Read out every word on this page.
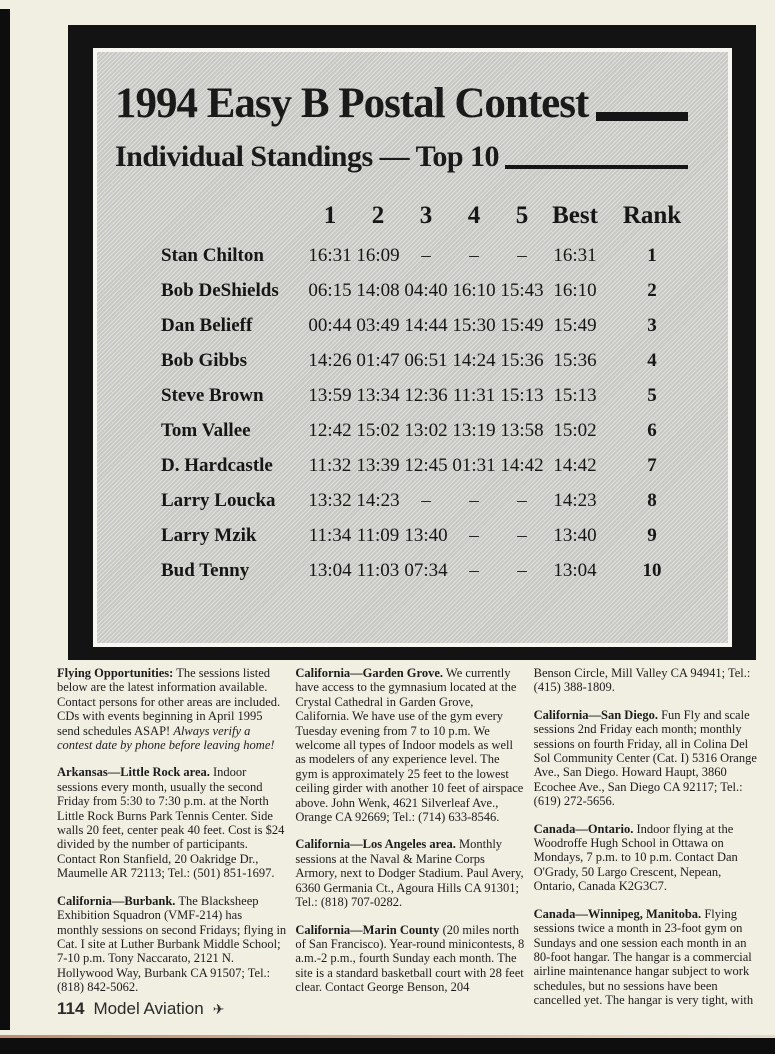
1994 Easy B Postal Contest
Individual Standings — Top 10
1	2	3	4	5 Best Rank
Stan Chilton	16:31 16:09	–	–	–	16:31	1
Bob DeShields	06:15 14:08 04:40 16:10 15:43 16:10	2
Dan Belieff	00:44 03:49 14:44 15:30 15:49 15:49	3
Bob Gibbs	14:26 01:47 06:51 14:24 15:36 15:36	4
Steve Brown	13:59 13:34 12:36 11:31 15:13 15:13	5
Tom Vallee	12:42 15:02 13:02 13:19 13:58 15:02	6
D. Hardcastle	11:32 13:39 12:45 01:31 14:42 14:42	7
Larry Loucka	13:32 14:23	–	–	–	14:23	8
Larry Mzik	11:34 11:09 13:40	–	–	13:40	9
Bud Tenny	13:04 11:03 07:34	–	–	13:04	10

Flying Opportunities: The sessions listed below are the latest information available. Contact persons for other areas are included. CDs with events beginning in April 1995 send schedules ASAP! Always verify a contest date by phone before leaving home!

Arkansas—Little Rock area. Indoor sessions every month, usually the second Friday from 5:30 to 7:30 p.m. at the North Little Rock Burns Park Tennis Center. Side walls 20 feet, center peak 40 feet. Cost is $24 divided by the number of participants. Contact Ron Stanfield, 20 Oakridge Dr., Maumelle AR 72113; Tel.: (501) 851-1697.

California—Burbank. The Blacksheep Exhibition Squadron (VMF-214) has monthly sessions on second Fridays; flying in Cat. I site at Luther Burbank Middle School; 7-10 p.m. Tony Naccarato, 2121 N. Hollywood Way, Burbank CA 91507; Tel.: (818) 842-5062.

California—Garden Grove. We currently have access to the gymnasium located at the Crystal Cathedral in Garden Grove, California. We have use of the gym every Tuesday evening from 7 to 10 p.m. We welcome all types of Indoor models as well as modelers of any experience level. The gym is approximately 25 feet to the lowest ceiling girder with another 10 feet of airspace above. John Wenk, 4621 Silverleaf Ave., Orange CA 92669; Tel.: (714) 633-8546.

California—Los Angeles area. Monthly sessions at the Naval & Marine Corps Armory, next to Dodger Stadium. Paul Avery, 6360 Germania Ct., Agoura Hills CA 91301; Tel.: (818) 707-0282.

California—Marin County (20 miles north of San Francisco). Year-round minicontests, 8 a.m.-2 p.m., fourth Sunday each month. The site is a standard basketball court with 28 feet clear. Contact George Benson, 204

Benson Circle, Mill Valley CA 94941; Tel.: (415) 388-1809.

California—San Diego. Fun Fly and scale sessions 2nd Friday each month; monthly sessions on fourth Friday, all in Colina Del Sol Community Center (Cat. I) 5316 Orange Ave., San Diego. Howard Haupt, 3860 Ecochee Ave., San Diego CA 92117; Tel.: (619) 272-5656.

Canada—Ontario. Indoor flying at the Woodroffe Hugh School in Ottawa on Mondays, 7 p.m. to 10 p.m. Contact Dan O'Grady, 50 Largo Crescent, Nepean, Ontario, Canada K2G3C7.

Canada—Winnipeg, Manitoba. Flying sessions twice a month in 23-foot gym on Sundays and one session each month in an 80-foot hangar. The hangar is a commercial airline maintenance hangar subject to work schedules, but no sessions have been cancelled yet. The hangar is very tight, with

114 Model Aviation ✈
